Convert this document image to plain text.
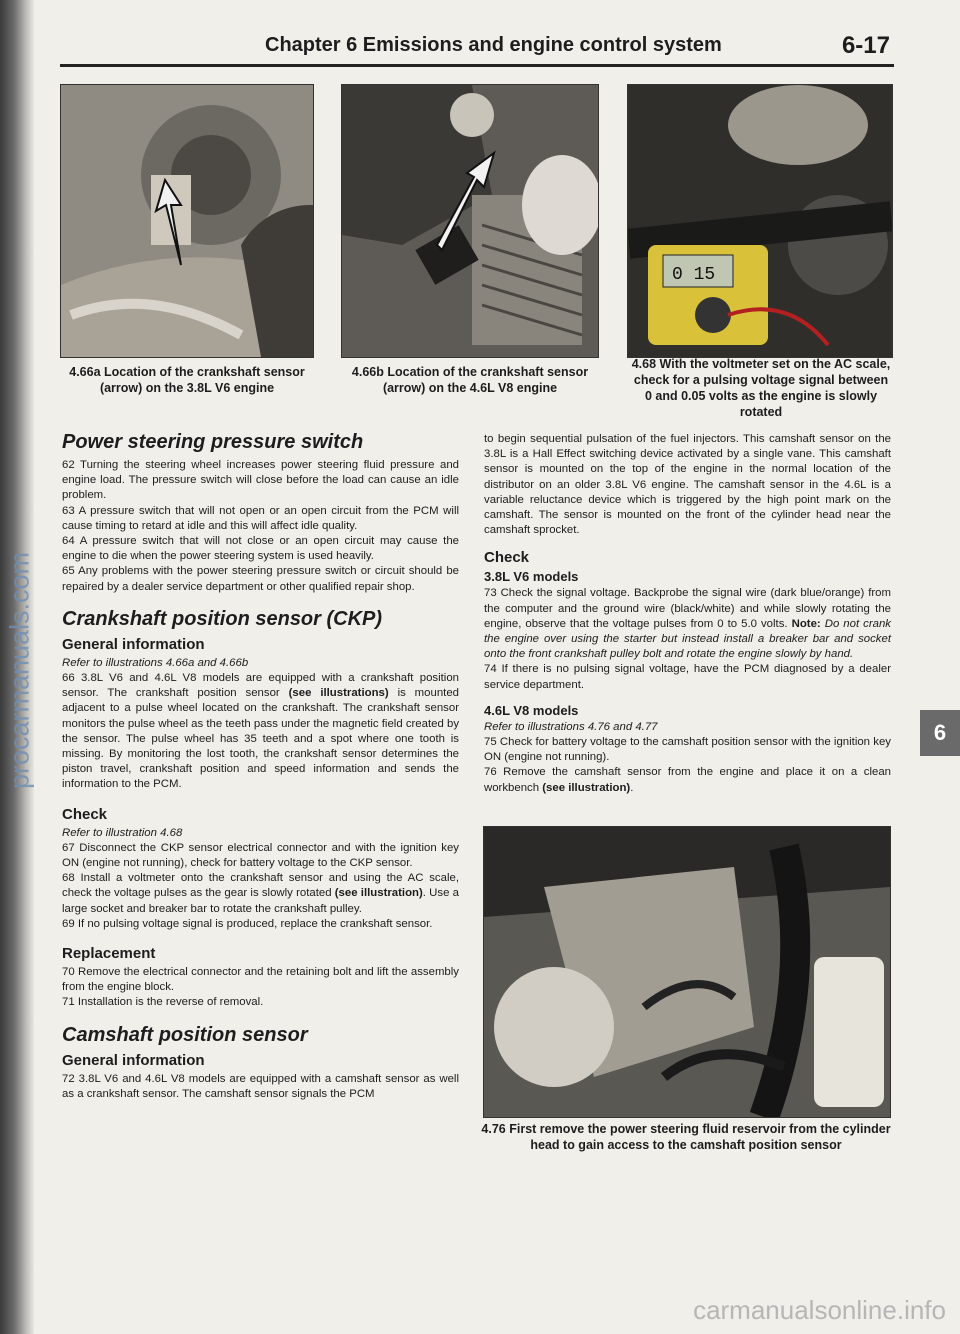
procarmanuals.com
Chapter 6 Emissions and engine control system	6-17
4.66a Location of the crankshaft sensor (arrow) on the 3.8L V6 engine
4.66b Location of the crankshaft sensor (arrow) on the 4.6L V8 engine
0 15
4.68 With the voltmeter set on the AC scale, check for a pulsing voltage signal between 0 and 0.05 volts as the engine is slowly rotated
Power steering pressure switch

62 Turning the steering wheel increases power steering fluid pressure and engine load. The pressure switch will close before the load can cause an idle problem.

63 A pressure switch that will not open or an open circuit from the PCM will cause timing to retard at idle and this will affect idle quality.

64 A pressure switch that will not close or an open circuit may cause the engine to die when the power steering system is used heavily.

65 Any problems with the power steering pressure switch or circuit should be repaired by a dealer service department or other qualified repair shop.

Crankshaft position sensor (CKP)
General information

Refer to illustrations 4.66a and 4.66b

66 3.8L V6 and 4.6L V8 models are equipped with a crankshaft position sensor. The crankshaft position sensor (see illustrations) is mounted adjacent to a pulse wheel located on the crankshaft. The crankshaft sensor monitors the pulse wheel as the teeth pass under the magnetic field created by the sensor. The pulse wheel has 35 teeth and a spot where one tooth is missing. By monitoring the lost tooth, the crankshaft sensor determines the piston travel, crankshaft position and speed information and sends the information to the PCM.

Check

Refer to illustration 4.68

67 Disconnect the CKP sensor electrical connector and with the ignition key ON (engine not running), check for battery voltage to the CKP sensor.

68 Install a voltmeter onto the crankshaft sensor and using the AC scale, check the voltage pulses as the gear is slowly rotated (see illustration). Use a large socket and breaker bar to rotate the crankshaft pulley.

69 If no pulsing voltage signal is produced, replace the crankshaft sensor.

Replacement

70 Remove the electrical connector and the retaining bolt and lift the assembly from the engine block.

71 Installation is the reverse of removal.

Camshaft position sensor
General information

72 3.8L V6 and 4.6L V8 models are equipped with a camshaft sensor as well as a crankshaft sensor. The camshaft sensor signals the PCM

to begin sequential pulsation of the fuel injectors. This camshaft sensor on the 3.8L is a Hall Effect switching device activated by a single vane. This camshaft sensor is mounted on the top of the engine in the normal location of the distributor on an older 3.8L V6 engine. The camshaft sensor in the 4.6L is a variable reluctance device which is triggered by the high point mark on the camshaft. The sensor is mounted on the front of the cylinder head near the camshaft sprocket.

Check
3.8L V6 models

73 Check the signal voltage. Backprobe the signal wire (dark blue/orange) from the computer and the ground wire (black/white) and while slowly rotating the engine, observe that the voltage pulses from 0 to 5.0 volts. Note: Do not crank the engine over using the starter but instead install a breaker bar and socket onto the front crankshaft pulley bolt and rotate the engine slowly by hand.

74 If there is no pulsing signal voltage, have the PCM diagnosed by a dealer service department.

4.6L V8 models

Refer to illustrations 4.76 and 4.77

75 Check for battery voltage to the camshaft position sensor with the ignition key ON (engine not running).

76 Remove the camshaft sensor from the engine and place it on a clean workbench (see illustration).

6
4.76 First remove the power steering fluid reservoir from the cylinder head to gain access to the camshaft position sensor
carmanualsonline.info
